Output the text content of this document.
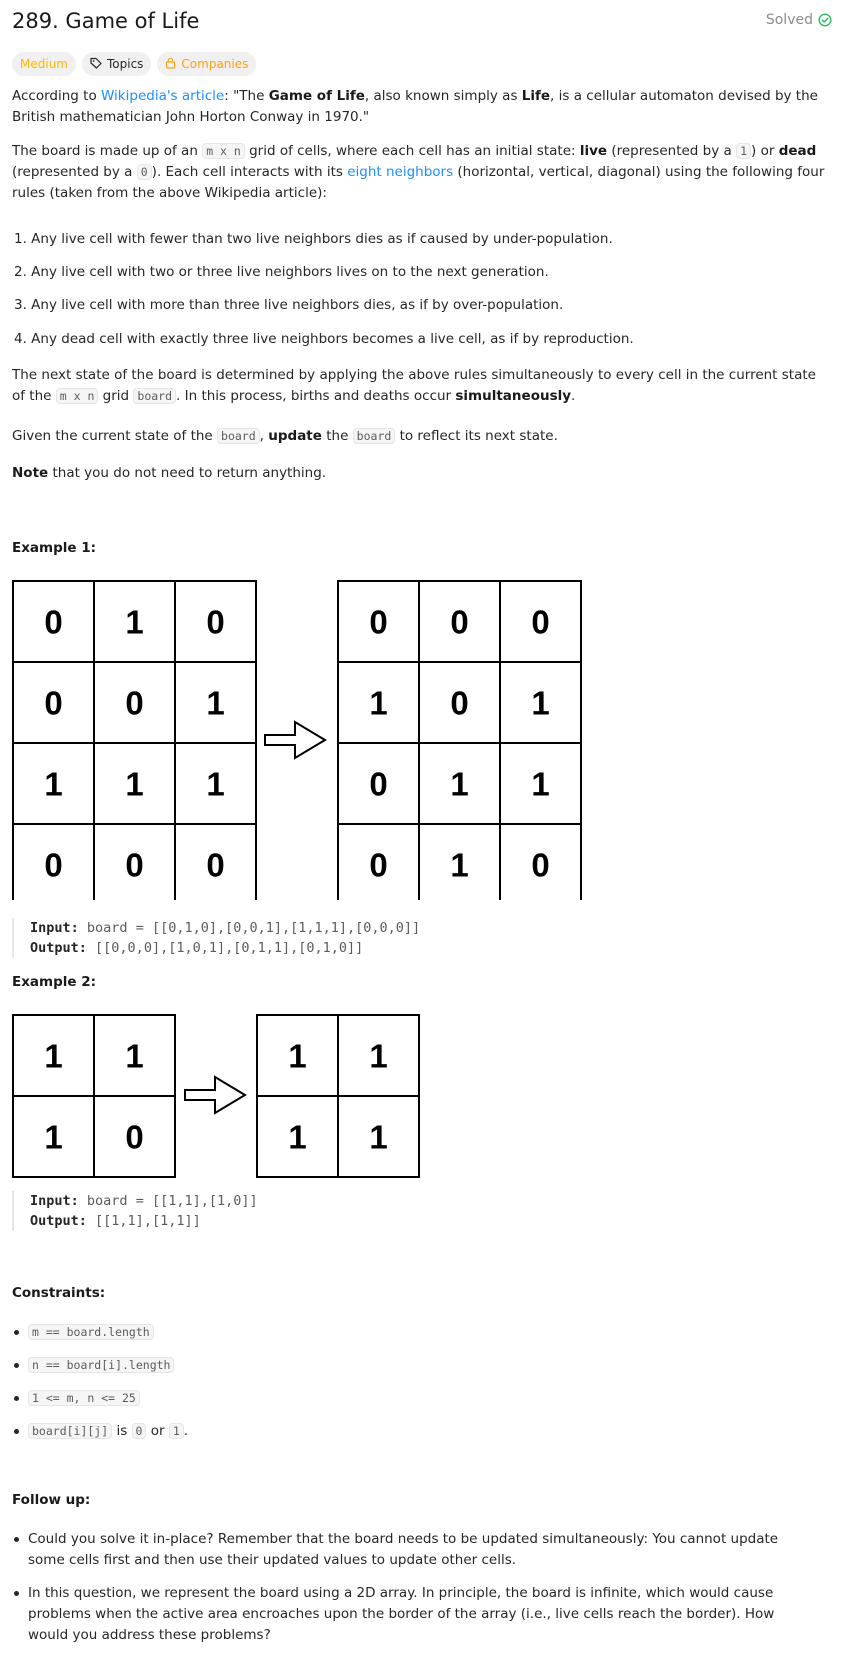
289. Game of Life	Solved
Medium	Topics	Companies

According to Wikipedia's article: "The Game of Life, also known simply as Life, is a cellular automaton devised by the British mathematician John Horton Conway in 1970."

The board is made up of an m x n grid of cells, where each cell has an initial state: live (represented by a 1 ) or dead (represented by a 0 ). Each cell interacts with its eight neighbors (horizontal, vertical, diagonal) using the following four rules (taken from the above Wikipedia article):

1. Any live cell with fewer than two live neighbors dies as if caused by under-population.
2. Any live cell with two or three live neighbors lives on to the next generation.
3. Any live cell with more than three live neighbors dies, as if by over-population.
4. Any dead cell with exactly three live neighbors becomes a live cell, as if by reproduction.

The next state of the board is determined by applying the above rules simultaneously to every cell in the current state of the m x n grid board . In this process, births and deaths occur simultaneously.

Given the current state of the board , update the board to reflect its next state.

Note that you do not need to return anything.

Example 1:
0 1 0
0 0 1
1 1 1
0 0 0
0 0 0
1 0 1
0 1 1
0 1 0
Input: board = [[0,1,0],[0,0,1],[1,1,1],[0,0,0]]
Output: [[0,0,0],[1,0,1],[0,1,1],[0,1,0]]
Example 2:
1 1
1 0
1 1
1 1
Input: board = [[1,1],[1,0]]
Output: [[1,1],[1,1]]
Constraints:
m == board.length
n == board[i].length
1 <= m, n <= 25
board[i][j] is 0 or 1 .
Follow up:
Could you solve it in-place? Remember that the board needs to be updated simultaneously: You cannot update some cells first and then use their updated values to update other cells.
In this question, we represent the board using a 2D array. In principle, the board is infinite, which would cause problems when the active area encroaches upon the border of the array (i.e., live cells reach the border). How would you address these problems?
